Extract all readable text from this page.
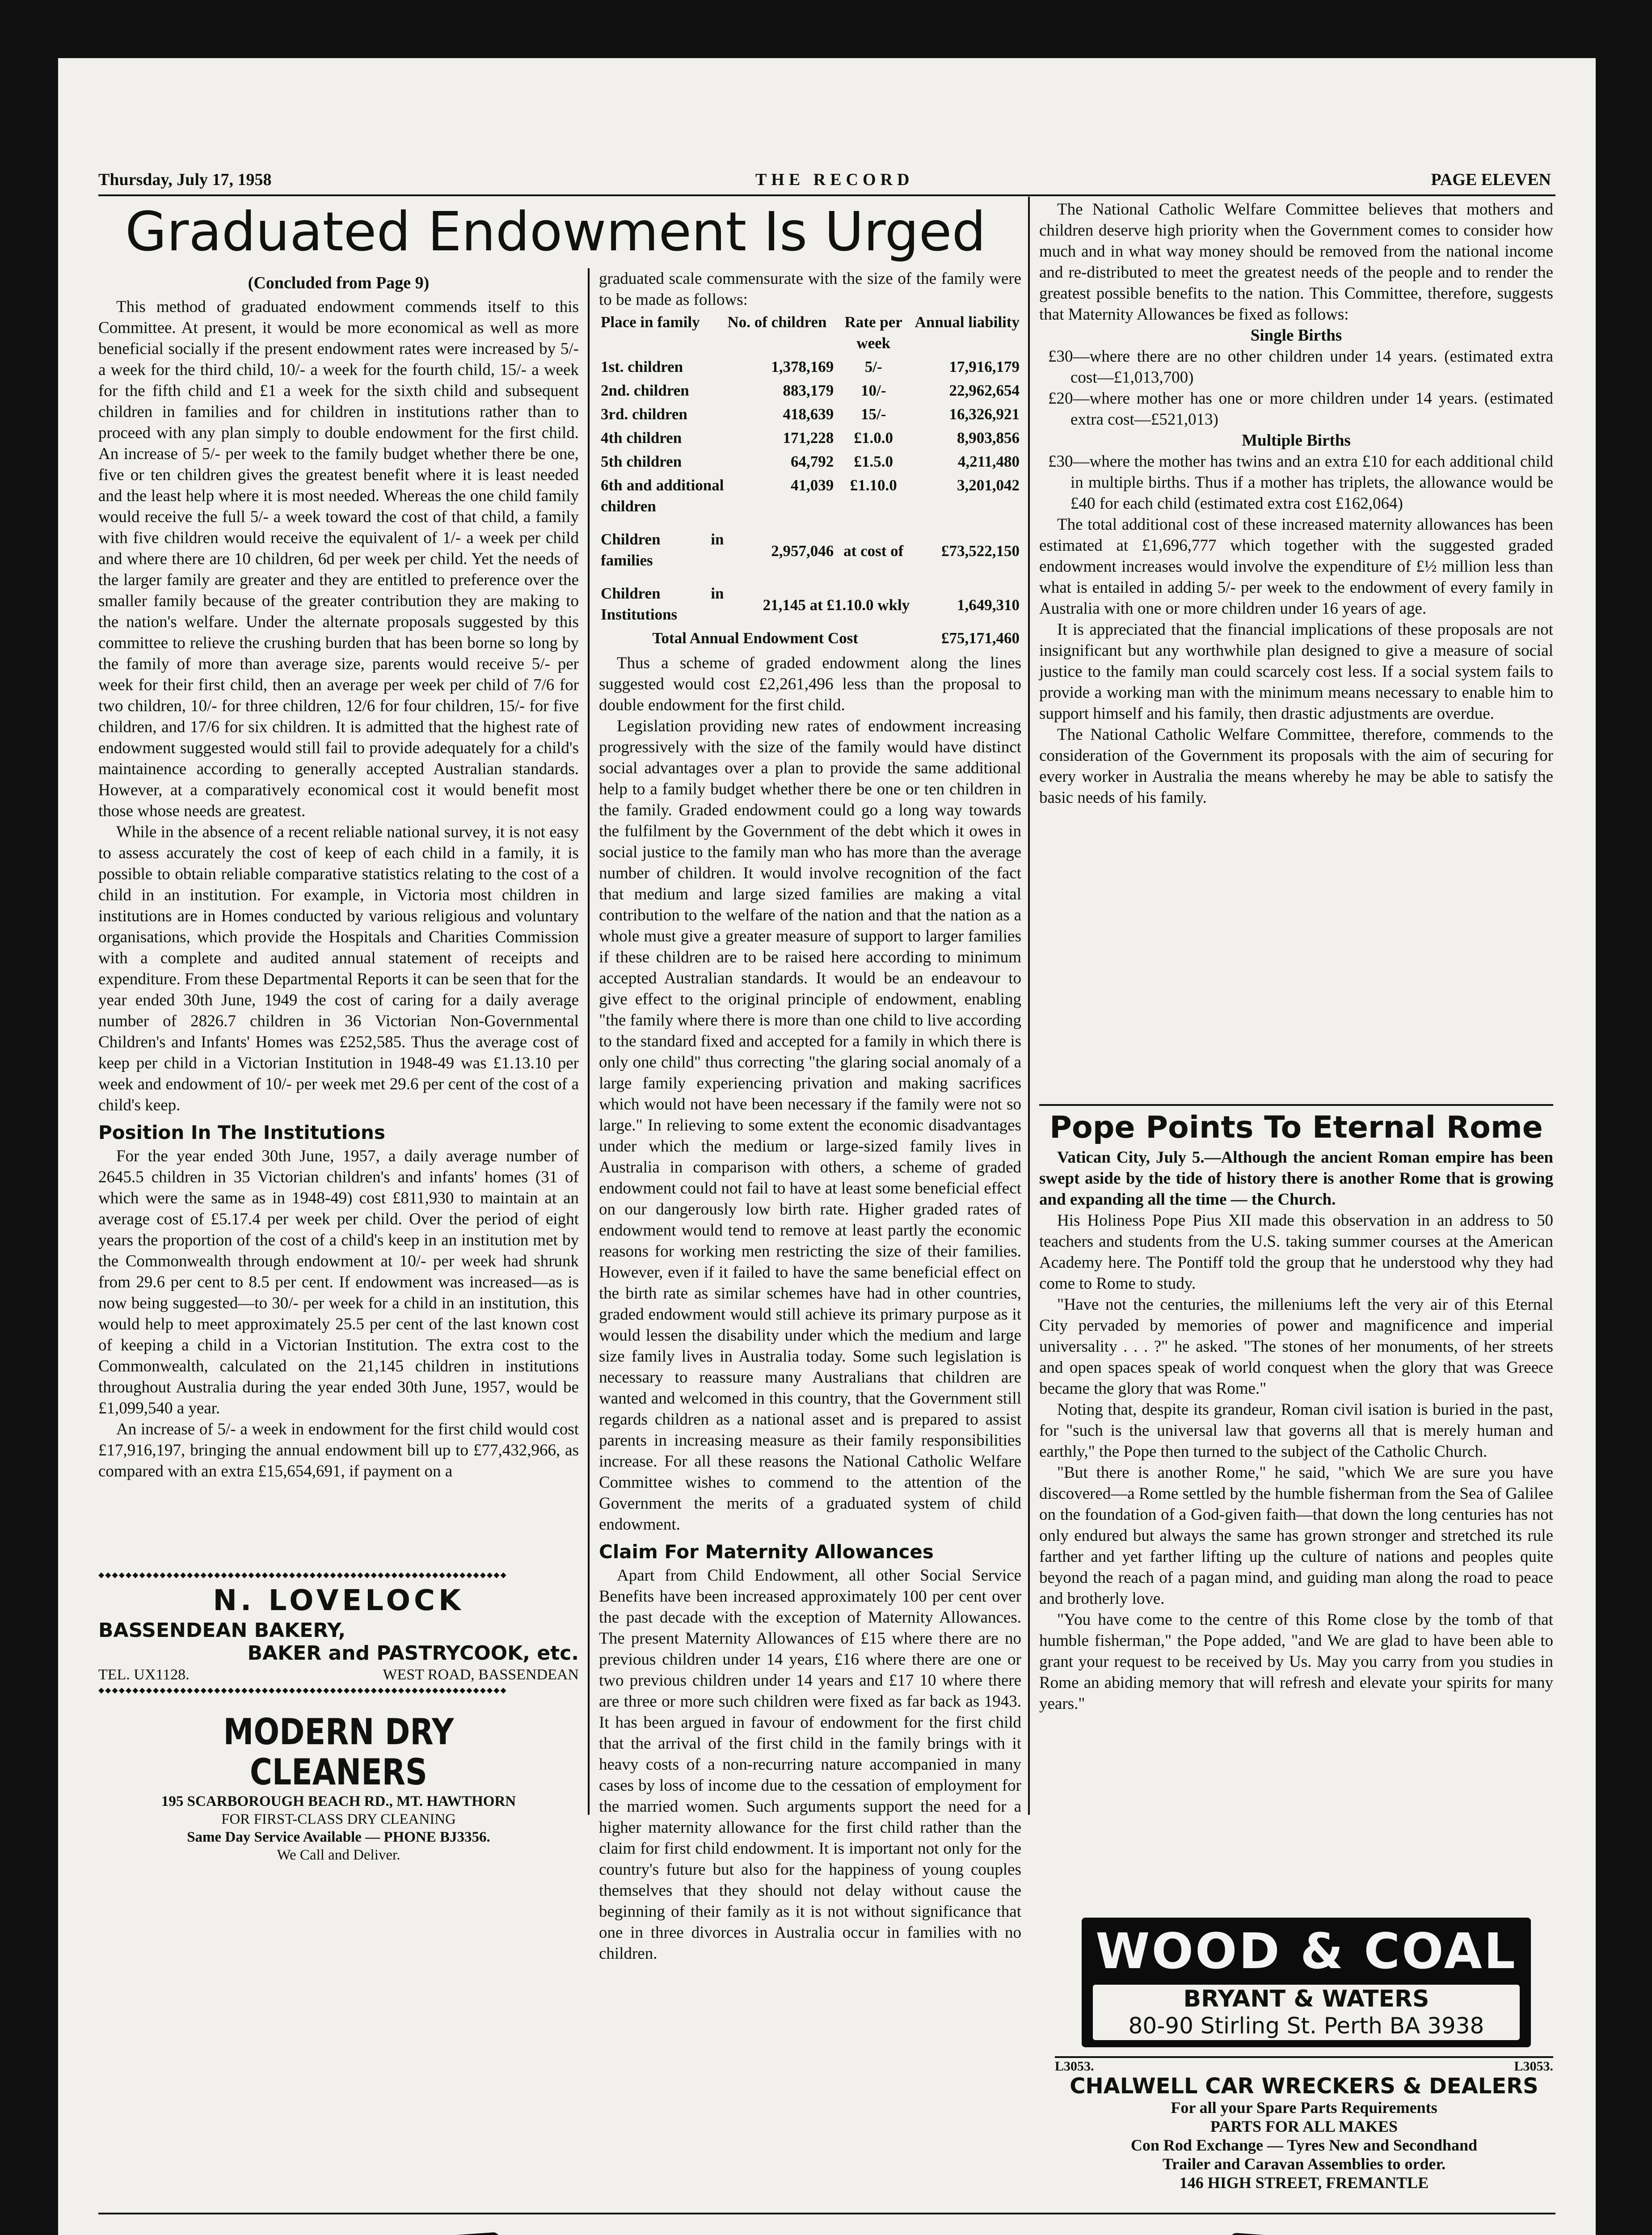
Thursday, July 17, 1958	THE RECORD	PAGE ELEVEN
Graduated Endowment Is Urged
(Concluded from Page 9)

This method of graduated endowment commends itself to this Committee. At present, it would be more economical as well as more beneficial socially if the present endowment rates were increased by 5/- a week for the third child, 10/- a week for the fourth child, 15/- a week for the fifth child and £1 a week for the sixth child and subsequent children in families and for children in institutions rather than to proceed with any plan simply to double endowment for the first child. An increase of 5/- per week to the family budget whether there be one, five or ten children gives the greatest benefit where it is least needed and the least help where it is most needed. Whereas the one child family would receive the full 5/- a week toward the cost of that child, a family with five children would receive the equivalent of 1/- a week per child and where there are 10 children, 6d per week per child. Yet the needs of the larger family are greater and they are entitled to preference over the smaller family because of the greater contribution they are making to the nation's welfare. Under the alternate proposals suggested by this committee to relieve the crushing burden that has been borne so long by the family of more than average size, parents would receive 5/- per week for their first child, then an average per week per child of 7/6 for two children, 10/- for three children, 12/6 for four children, 15/- for five children, and 17/6 for six children. It is admitted that the highest rate of endowment suggested would still fail to provide adequately for a child's maintainence according to generally accepted Australian standards. However, at a comparatively economical cost it would benefit most those whose needs are greatest.

While in the absence of a recent reliable national survey, it is not easy to assess accurately the cost of keep of each child in a family, it is possible to obtain reliable comparative statistics relating to the cost of a child in an institution. For example, in Victoria most children in institutions are in Homes conducted by various religious and voluntary organisations, which provide the Hospitals and Charities Commission with a complete and audited annual statement of receipts and expenditure. From these Departmental Reports it can be seen that for the year ended 30th June, 1949 the cost of caring for a daily average number of 2826.7 children in 36 Victorian Non-Governmental Children's and Infants' Homes was £252,585. Thus the average cost of keep per child in a Victorian Institution in 1948-49 was £1.13.10 per week and endowment of 10/- per week met 29.6 per cent of the cost of a child's keep.

Position In The Institutions

For the year ended 30th June, 1957, a daily average number of 2645.5 children in 35 Victorian children's and infants' homes (31 of which were the same as in 1948-49) cost £811,930 to maintain at an average cost of £5.17.4 per week per child. Over the period of eight years the proportion of the cost of a child's keep in an institution met by the Commonwealth through endowment at 10/- per week had shrunk from 29.6 per cent to 8.5 per cent. If endowment was increased—as is now being suggested—to 30/- per week for a child in an institution, this would help to meet approximately 25.5 per cent of the last known cost of keeping a child in a Victorian Institution. The extra cost to the Commonwealth, calculated on the 21,145 children in institutions throughout Australia during the year ended 30th June, 1957, would be £1,099,540 a year.

An increase of 5/- a week in endowment for the first child would cost £17,916,197, bringing the annual endowment bill up to £77,432,966, as compared with an extra £15,654,691, if payment on a

◆◆◆◆◆◆◆◆◆◆◆◆◆◆◆◆◆◆◆◆◆◆◆◆◆◆◆◆◆◆◆◆◆◆◆◆◆◆◆◆◆◆◆◆◆◆◆◆◆◆◆◆◆◆◆◆◆◆◆◆
N. LOVELOCK
BASSENDEAN BAKERY,
BAKER and PASTRYCOOK, etc.
TEL. UX1128.	WEST ROAD, BASSENDEAN
◆◆◆◆◆◆◆◆◆◆◆◆◆◆◆◆◆◆◆◆◆◆◆◆◆◆◆◆◆◆◆◆◆◆◆◆◆◆◆◆◆◆◆◆◆◆◆◆◆◆◆◆◆◆◆◆◆◆◆◆
MODERN DRY CLEANERS
195 SCARBOROUGH BEACH RD., MT. HAWTHORN
FOR FIRST-CLASS DRY CLEANING
Same Day Service Available — PHONE BJ3356.
We Call and Deliver.
graduated scale commensurate with the size of the family were to be made as follows:
Place in family	No. of children	Rate per week	Annual liability
1st. children	1,378,169	5/-	17,916,179
2nd. children	883,179	10/-	22,962,654
3rd. children	418,639	15/-	16,326,921
4th children	171,228	£1.0.0	8,903,856
5th children	64,792	£1.5.0	4,211,480
6th and additional children	41,039	£1.10.0	3,201,042
Children in families	2,957,046	at cost of	£73,522,150
Children in Institutions	21,145 at £1.10.0 wkly		1,649,310
Total Annual Endowment Cost			£75,171,460

Thus a scheme of graded endowment along the lines suggested would cost £2,261,496 less than the proposal to double endowment for the first child.

Legislation providing new rates of endowment increasing progressively with the size of the family would have distinct social advantages over a plan to provide the same additional help to a family budget whether there be one or ten children in the family. Graded endowment could go a long way towards the fulfilment by the Government of the debt which it owes in social justice to the family man who has more than the average number of children. It would involve recognition of the fact that medium and large sized families are making a vital contribution to the welfare of the nation and that the nation as a whole must give a greater measure of support to larger families if these children are to be raised here according to minimum accepted Australian standards. It would be an endeavour to give effect to the original principle of endowment, enabling "the family where there is more than one child to live according to the standard fixed and accepted for a family in which there is only one child" thus correcting "the glaring social anomaly of a large family experiencing privation and making sacrifices which would not have been necessary if the family were not so large." In relieving to some extent the economic disadvantages under which the medium or large-sized family lives in Australia in comparison with others, a scheme of graded endowment could not fail to have at least some beneficial effect on our dangerously low birth rate. Higher graded rates of endowment would tend to remove at least partly the economic reasons for working men restricting the size of their families. However, even if it failed to have the same beneficial effect on the birth rate as similar schemes have had in other countries, graded endowment would still achieve its primary purpose as it would lessen the disability under which the medium and large size family lives in Australia today. Some such legislation is necessary to reassure many Australians that children are wanted and welcomed in this country, that the Government still regards children as a national asset and is prepared to assist parents in increasing measure as their family responsibilities increase. For all these reasons the National Catholic Welfare Committee wishes to commend to the attention of the Government the merits of a graduated system of child endowment.

Claim For Maternity Allowances

Apart from Child Endowment, all other Social Service Benefits have been increased approximately 100 per cent over the past decade with the exception of Maternity Allowances. The present Maternity Allowances of £15 where there are no previous children under 14 years, £16 where there are one or two previous children under 14 years and £17 10 where there are three or more such children were fixed as far back as 1943. It has been argued in favour of endowment for the first child that the arrival of the first child in the family brings with it heavy costs of a non-recurring nature accompanied in many cases by loss of income due to the cessation of employment for the married women. Such arguments support the need for a higher maternity allowance for the first child rather than the claim for first child endowment. It is important not only for the country's future but also for the happiness of young couples themselves that they should not delay without cause the beginning of their family as it is not without significance that one in three divorces in Australia occur in families with no children.

The National Catholic Welfare Committee believes that mothers and children deserve high priority when the Government comes to consider how much and in what way money should be removed from the national income and re-distributed to meet the greatest needs of the people and to render the greatest possible benefits to the nation. This Committee, therefore, suggests that Maternity Allowances be fixed as follows:

Single Births
£30—where there are no other children under 14 years. (estimated extra cost—£1,013,700)
£20—where mother has one or more children under 14 years. (estimated extra cost—£521,013)
Multiple Births
£30—where the mother has twins and an extra £10 for each additional child in multiple births. Thus if a mother has triplets, the allowance would be £40 for each child (estimated extra cost £162,064)

The total additional cost of these increased maternity allowances has been estimated at £1,696,777 which together with the suggested graded endowment increases would involve the expenditure of £½ million less than what is entailed in adding 5/- per week to the endowment of every family in Australia with one or more children under 16 years of age.

It is appreciated that the financial implications of these proposals are not insignificant but any worthwhile plan designed to give a measure of social justice to the family man could scarcely cost less. If a social system fails to provide a working man with the minimum means necessary to enable him to support himself and his family, then drastic adjustments are overdue.

The National Catholic Welfare Committee, therefore, commends to the consideration of the Government its proposals with the aim of securing for every worker in Australia the means whereby he may be able to satisfy the basic needs of his family.

Pope Points To Eternal Rome
Vatican City, July 5.—Although the ancient Roman empire has been swept aside by the tide of history there is another Rome that is growing and expanding all the time — the Church.

His Holiness Pope Pius XII made this observation in an address to 50 teachers and students from the U.S. taking summer courses at the American Academy here. The Pontiff told the group that he understood why they had come to Rome to study.

"Have not the centuries, the milleniums left the very air of this Eternal City pervaded by memories of power and magnificence and imperial universality . . . ?" he asked. "The stones of her monuments, of her streets and open spaces speak of world conquest when the glory that was Greece became the glory that was Rome."

Noting that, despite its grandeur, Roman civil isation is buried in the past, for "such is the universal law that governs all that is merely human and earthly," the Pope then turned to the subject of the Catholic Church.

"But there is another Rome," he said, "which We are sure you have discovered—a Rome settled by the humble fisherman from the Sea of Galilee on the foundation of a God-given faith—that down the long centuries has not only endured but always the same has grown stronger and stretched its rule farther and yet farther lifting up the culture of nations and peoples quite beyond the reach of a pagan mind, and guiding man along the road to peace and brotherly love.

"You have come to the centre of this Rome close by the tomb of that humble fisherman," the Pope added, "and We are glad to have been able to grant your request to be received by Us. May you carry from you studies in Rome an abiding memory that will refresh and elevate your spirits for many years."

WOOD & COAL
BRYANT & WATERS
80-90 Stirling St. Perth BA 3938
L3053.	L3053.
CHALWELL CAR WRECKERS & DEALERS
For all your Spare Parts Requirements
PARTS FOR ALL MAKES
Con Rod Exchange — Tyres New and Secondhand
Trailer and Caravan Assemblies to order.
146 HIGH STREET, FREMANTLE
